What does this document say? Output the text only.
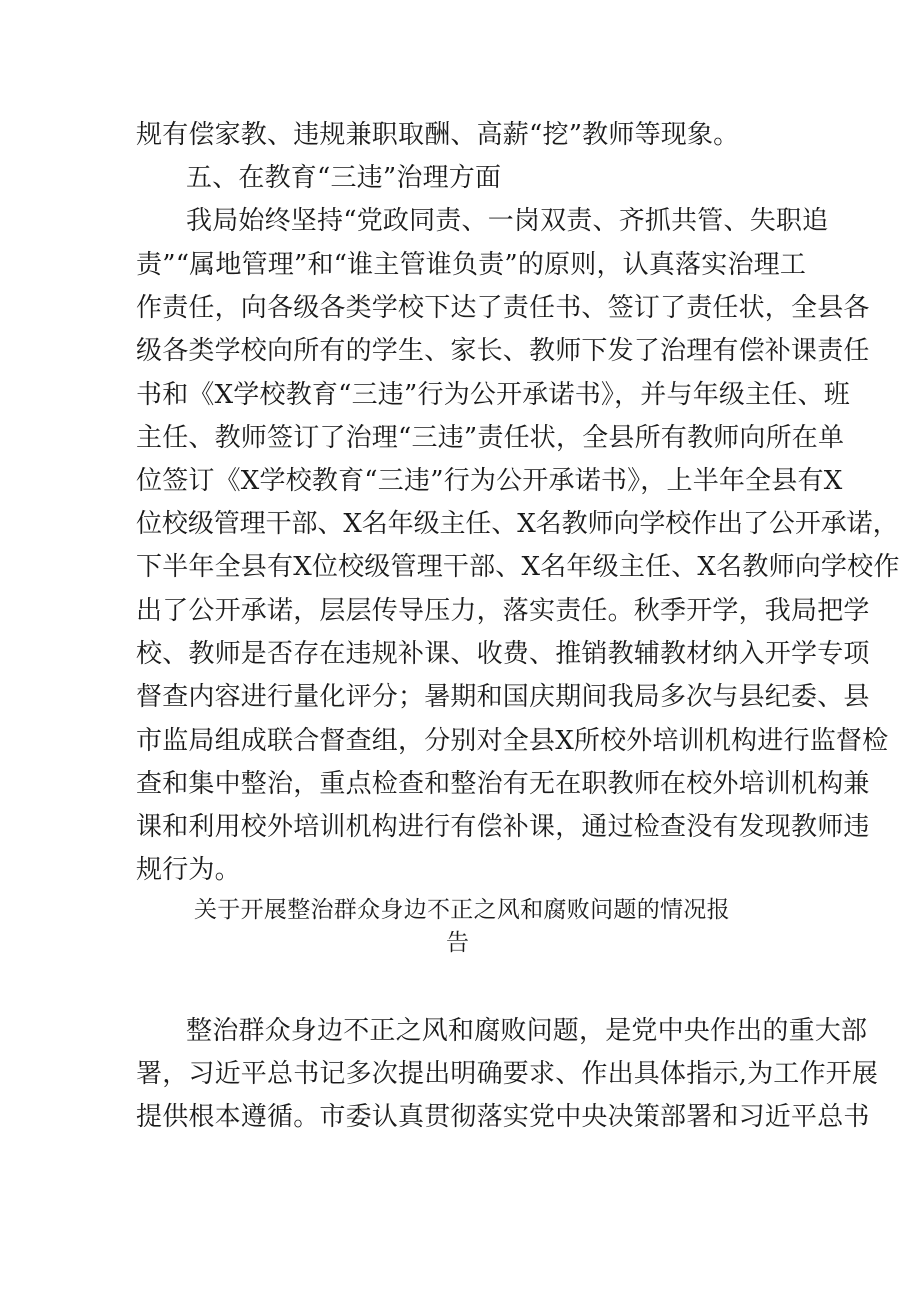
规有偿家教、违规兼职取酬、高薪“挖”教师等现象。
五、在教育“三违”治理方面
我局始终坚持“党政同责、一岗双责、齐抓共管、失职追
责”“属地管理”和“谁主管谁负责”的原则，认真落实治理工
作责任，向各级各类学校下达了责任书、签订了责任状，全县各
级各类学校向所有的学生、家长、教师下发了治理有偿补课责任
书和《X学校教育“三违”行为公开承诺书》，并与年级主任、班
主任、教师签订了治理“三违”责任状，全县所有教师向所在单
位签订《X学校教育“三违”行为公开承诺书》，上半年全县有X
位校级管理干部、X名年级主任、X名教师向学校作出了公开承诺，
下半年全县有X位校级管理干部、X名年级主任、X名教师向学校作
出了公开承诺，层层传导压力，落实责任。秋季开学，我局把学
校、教师是否存在违规补课、收费、推销教辅教材纳入开学专项
督查内容进行量化评分；暑期和国庆期间我局多次与县纪委、县
市监局组成联合督查组，分别对全县X所校外培训机构进行监督检
查和集中整治，重点检查和整治有无在职教师在校外培训机构兼
课和利用校外培训机构进行有偿补课，通过检查没有发现教师违
规行为。
关于开展整治群众身边不正之风和腐败问题的情况报
告
整治群众身边不正之风和腐败问题，是党中央作出的重大部
署，习近平总书记多次提出明确要求、作出具体指示,为工作开展
提供根本遵循。市委认真贯彻落实党中央决策部署和习近平总书
